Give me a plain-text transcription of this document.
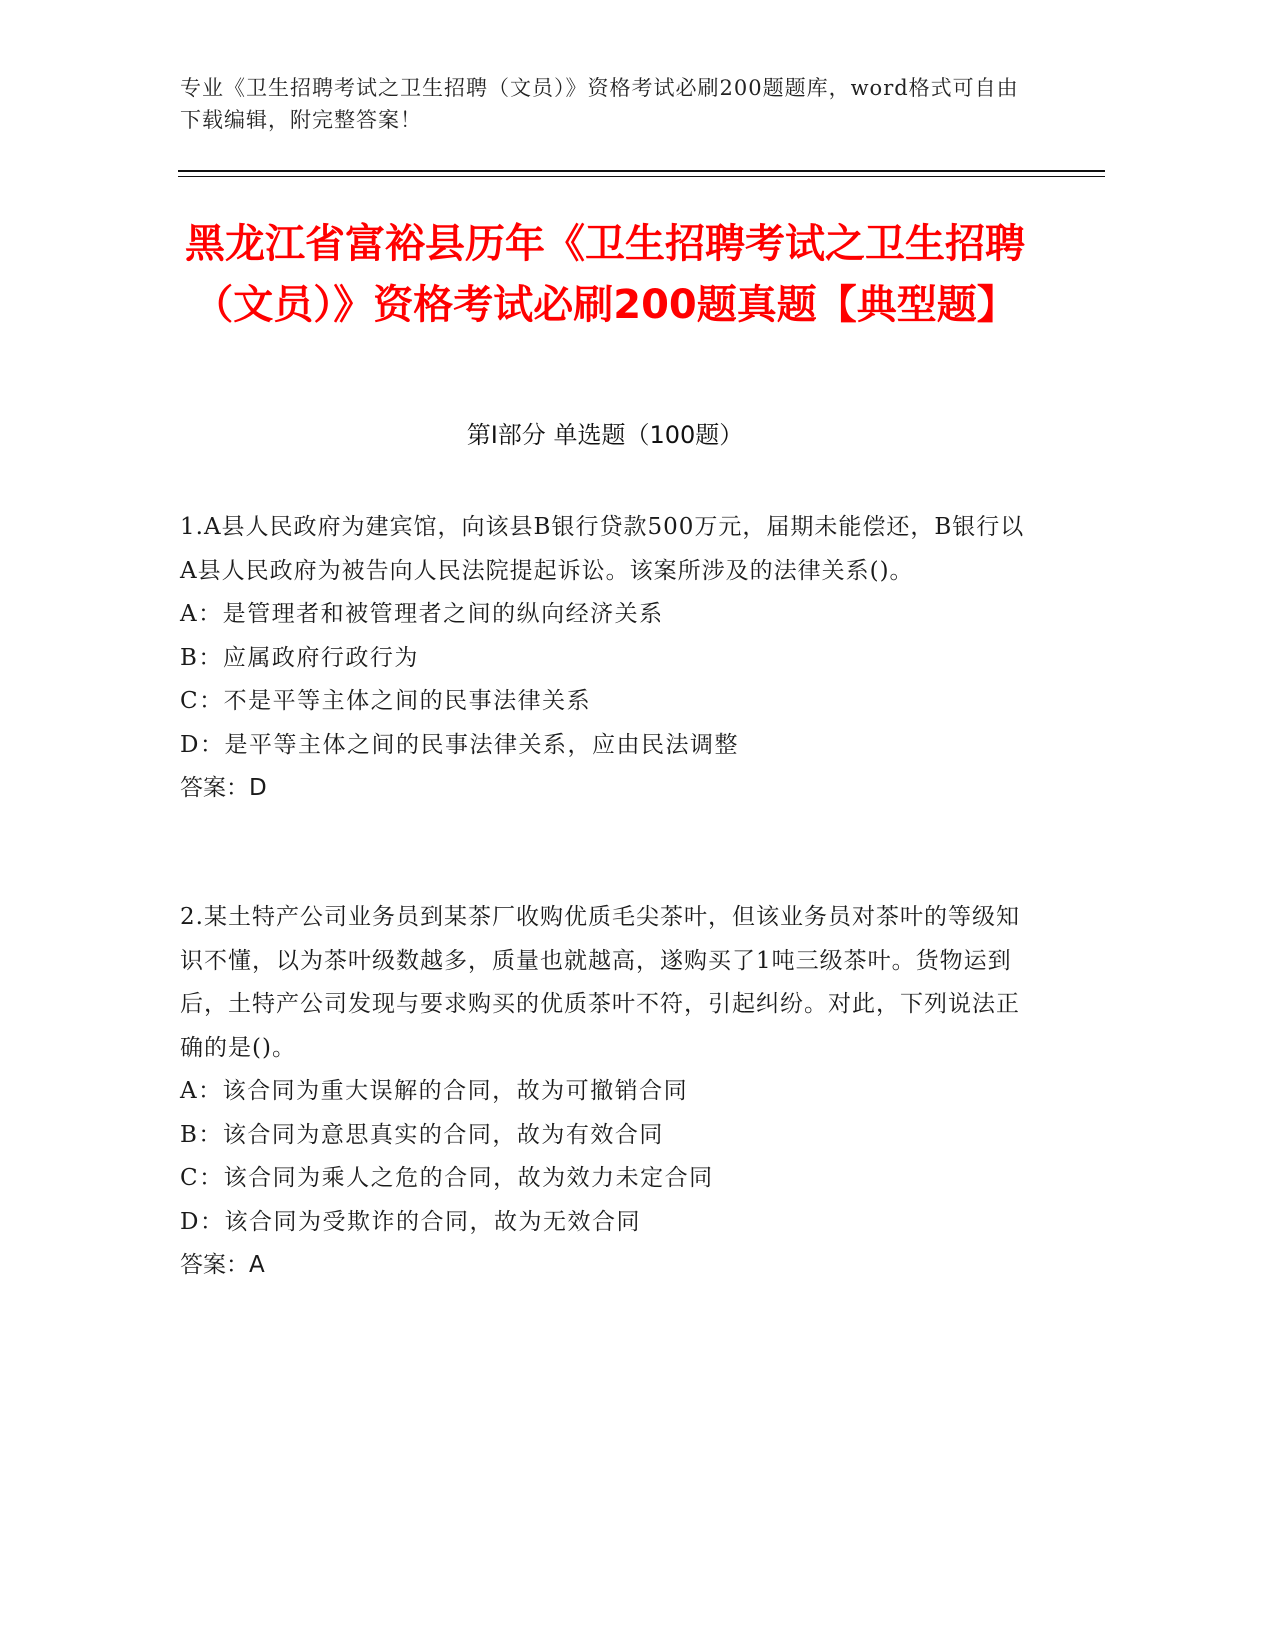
专业《卫生招聘考试之卫生招聘（文员）》资格考试必刷200题题库，word格式可自由下载编辑，附完整答案！
黑龙江省富裕县历年《卫生招聘考试之卫生招聘（文员）》资格考试必刷200题真题【典型题】
第Ⅰ部分 单选题（100题）

1.A县人民政府为建宾馆，向该县B银行贷款500万元，届期未能偿还，B银行以A县人民政府为被告向人民法院提起诉讼。该案所涉及的法律关系()。

A：是管理者和被管理者之间的纵向经济关系

B：应属政府行政行为

C：不是平等主体之间的民事法律关系

D：是平等主体之间的民事法律关系，应由民法调整

答案：D

2.某土特产公司业务员到某茶厂收购优质毛尖茶叶，但该业务员对茶叶的等级知识不懂，以为茶叶级数越多，质量也就越高，遂购买了1吨三级茶叶。货物运到后，土特产公司发现与要求购买的优质茶叶不符，引起纠纷。对此，下列说法正确的是()。

A：该合同为重大误解的合同，故为可撤销合同

B：该合同为意思真实的合同，故为有效合同

C：该合同为乘人之危的合同，故为效力未定合同

D：该合同为受欺诈的合同，故为无效合同

答案：A
